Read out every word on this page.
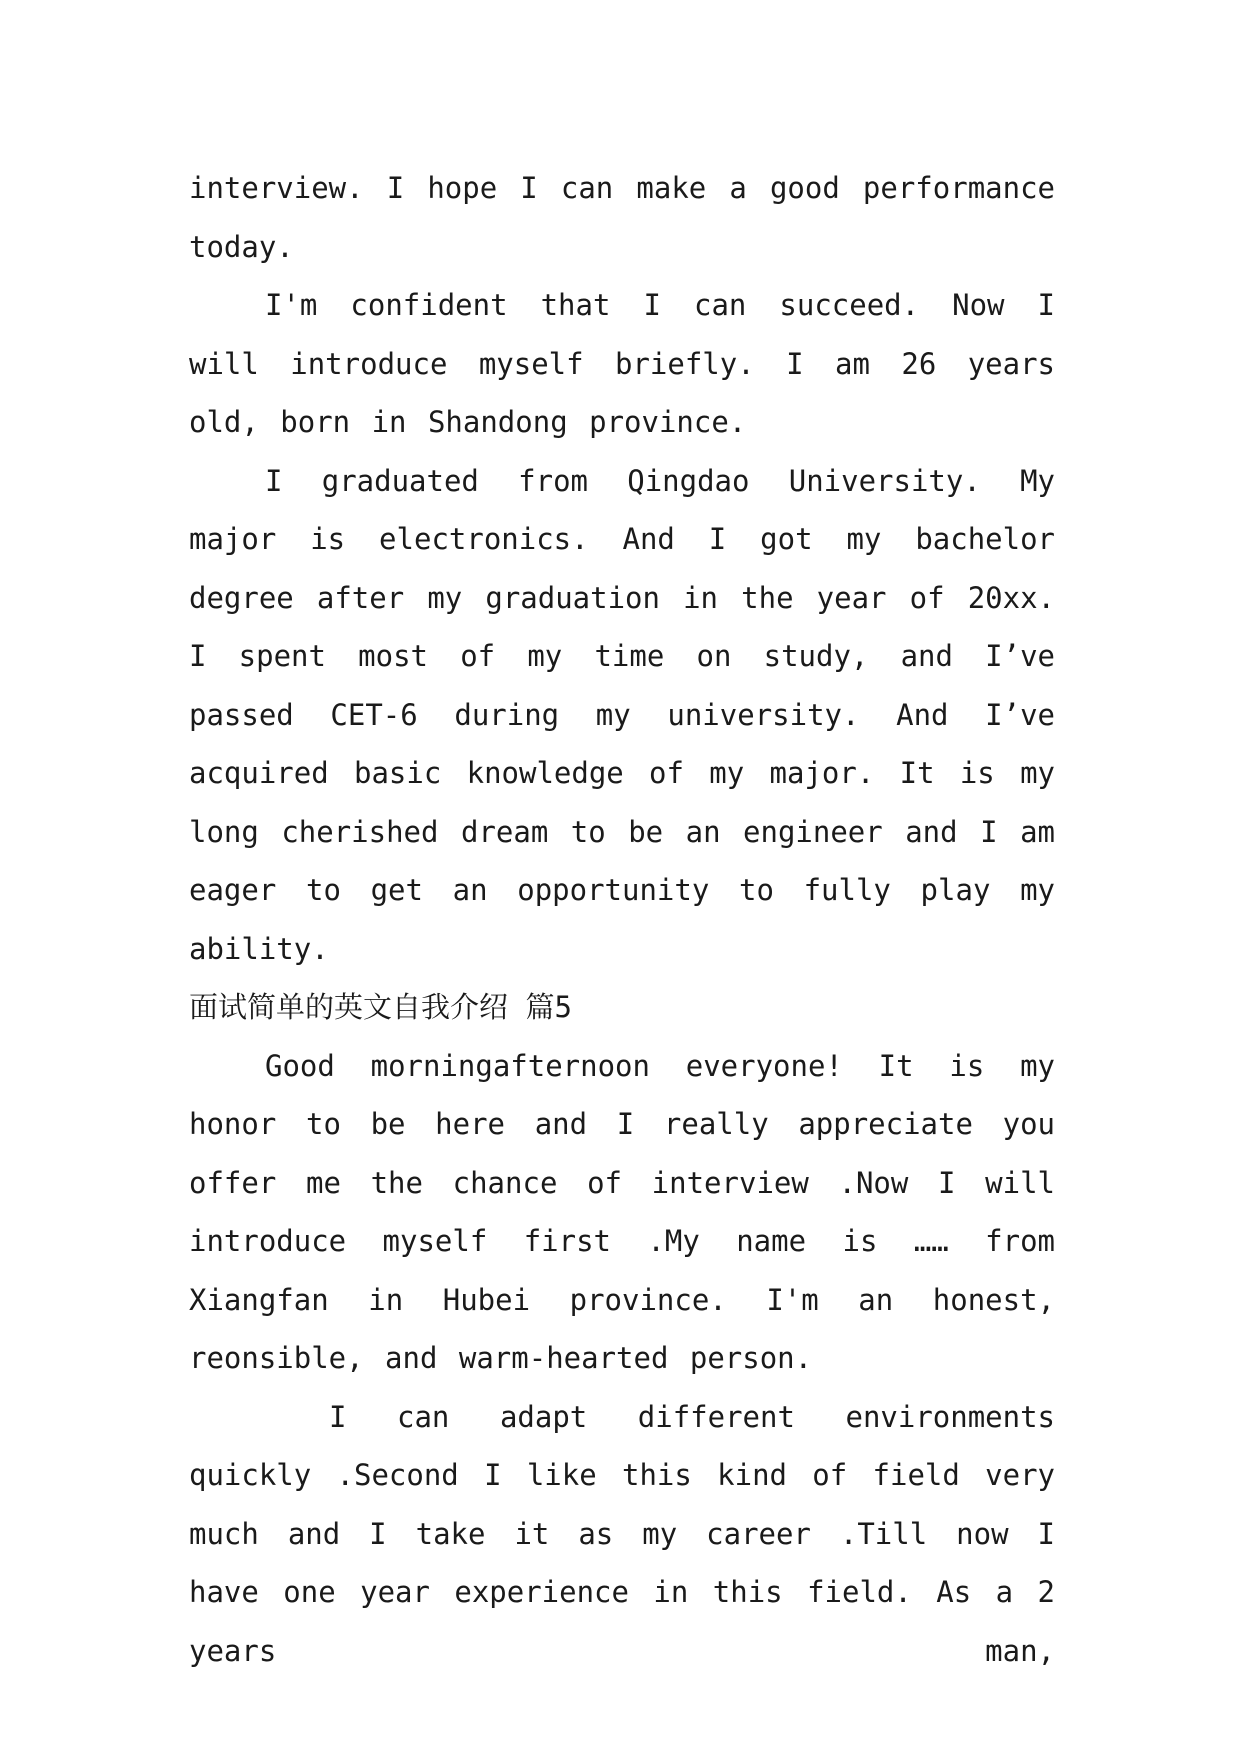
interview. I hope I can make a good performance today.

I'm confident that I can succeed. Now I will introduce myself briefly. I am 26 years old, born in Shandong province.

I graduated from Qingdao University. My major is electronics. And I got my bachelor degree after my graduation in the year of 20xx. I spent most of my time on study, and I’ve passed CET-6 during my university. And I’ve acquired basic knowledge of my major. It is my long cherished dream to be an engineer and I am eager to get an opportunity to fully play my ability.

面试简单的英文自我介绍 篇5

Good morningafternoon everyone! It is my honor to be here and I really appreciate you offer me the chance of interview .Now I will introduce myself first .My name is …… from Xiangfan in Hubei province. I'm an honest, reonsible, and warm-hearted person.

I can adapt different environments quickly .Second I like this kind of field very much and I take it as my career .Till now I have one year experience in this field. As a 2 years man,
